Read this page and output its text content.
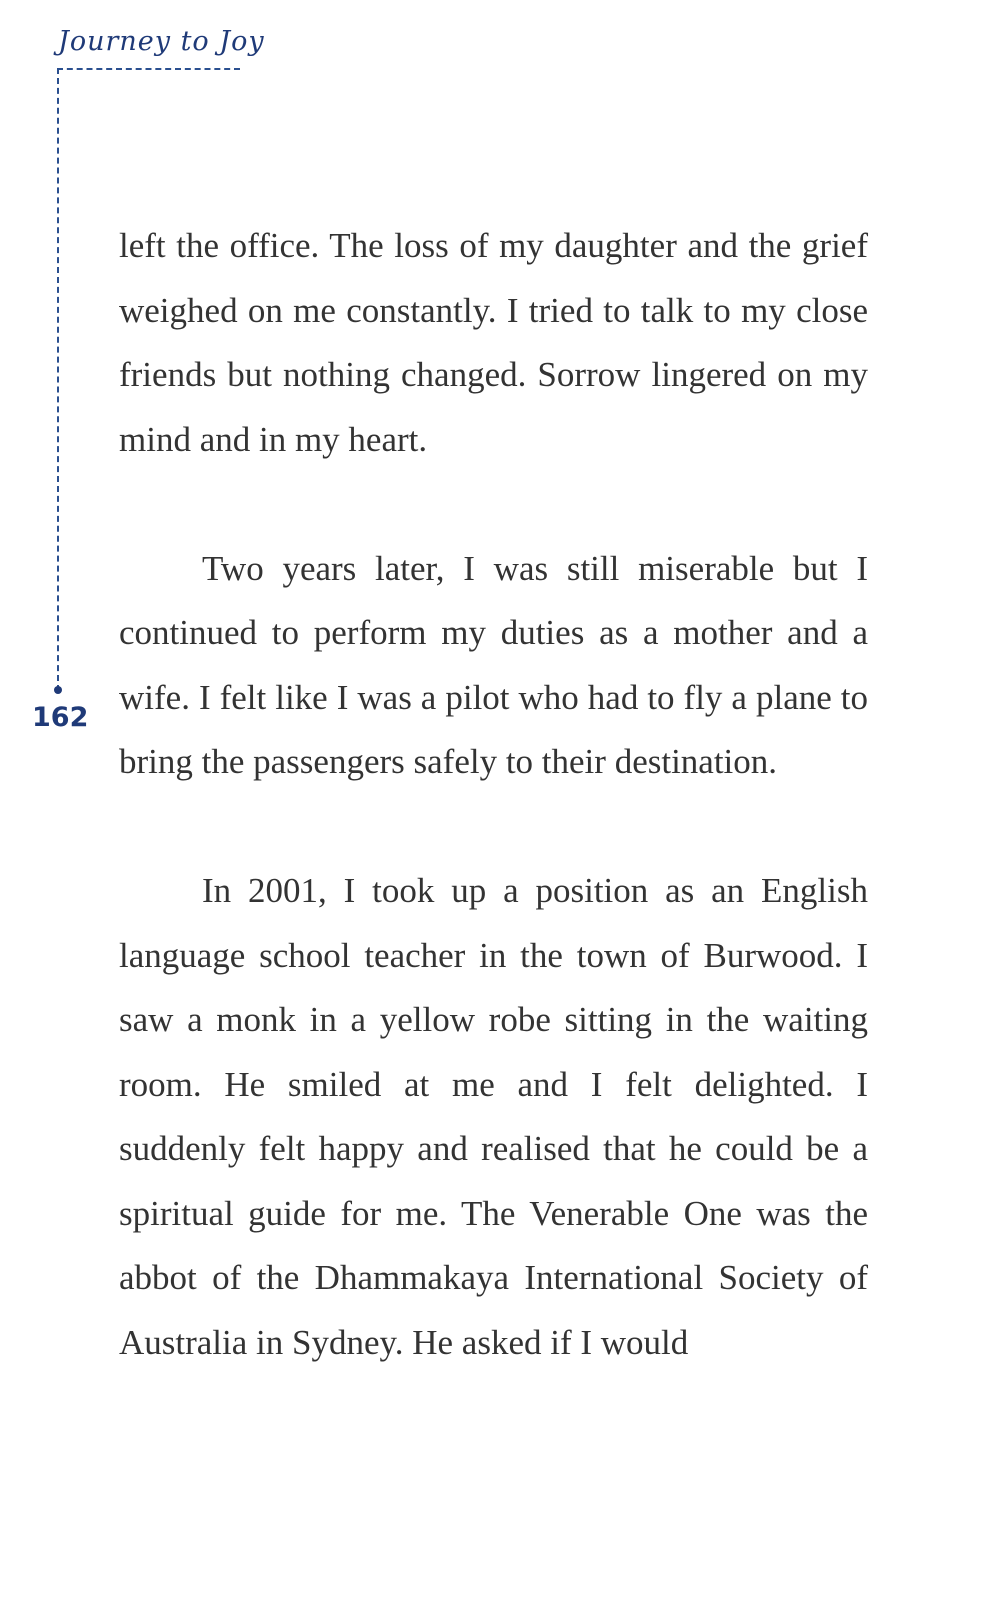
Journey to Joy
162

left the office. The loss of my daughter and the grief weighed on me constantly. I tried to talk to my close friends but nothing changed. Sorrow lingered on my mind and in my heart.

Two years later, I was still miserable but I continued to perform my duties as a mother and a wife. I felt like I was a pilot who had to fly a plane to bring the passengers safely to their destination.

In 2001, I took up a position as an English language school teacher in the town of Burwood. I saw a monk in a yellow robe sitting in the waiting room. He smiled at me and I felt delighted. I suddenly felt happy and realised that he could be a spiritual guide for me. The Venerable One was the abbot of the Dhammakaya International Society of Australia in Sydney. He asked if I would
